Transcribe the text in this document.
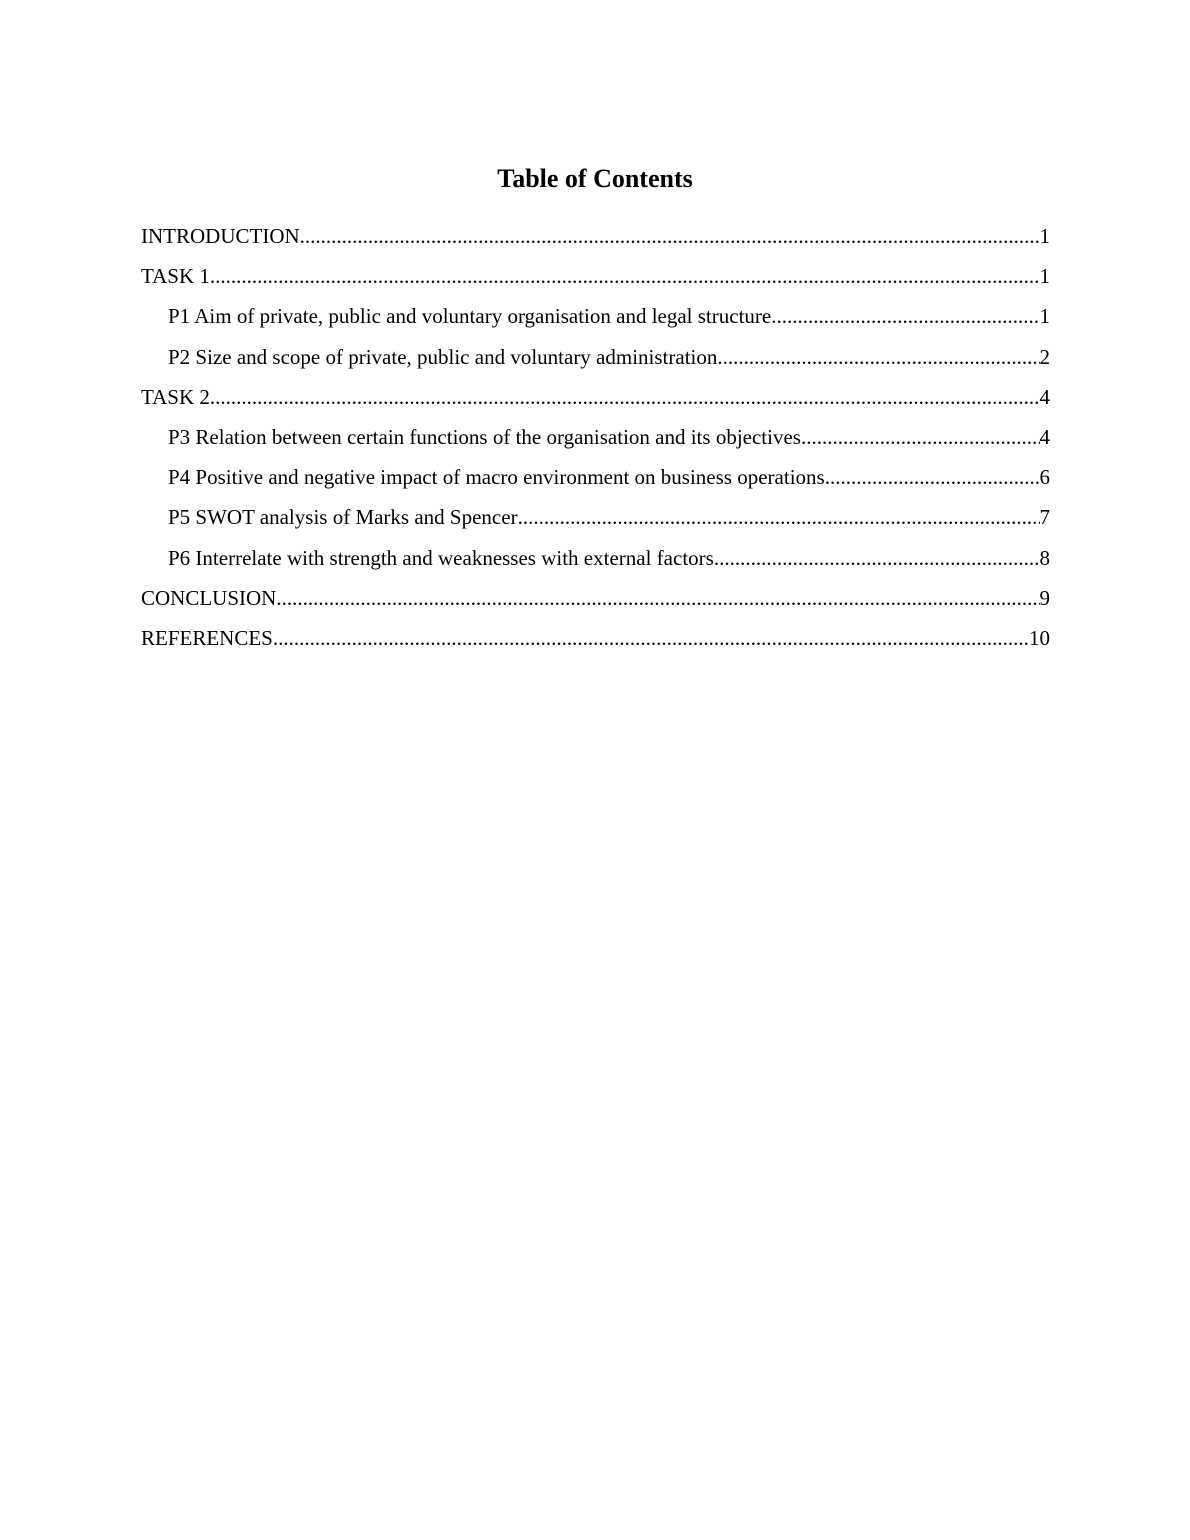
Table of Contents
INTRODUCTION .....	1
TASK 1 .....	1
P1 Aim of private, public and voluntary organisation and legal structure .....	1
P2 Size and scope of private, public and voluntary administration .....	2
TASK 2 .....	4
P3 Relation between certain functions of the organisation and its objectives .....	4
P4 Positive and negative impact of macro environment on business operations .....	6
P5 SWOT analysis of Marks and Spencer .....	7
P6 Interrelate with strength and weaknesses with external factors .....	8
CONCLUSION .....	9
REFERENCES .....	10
